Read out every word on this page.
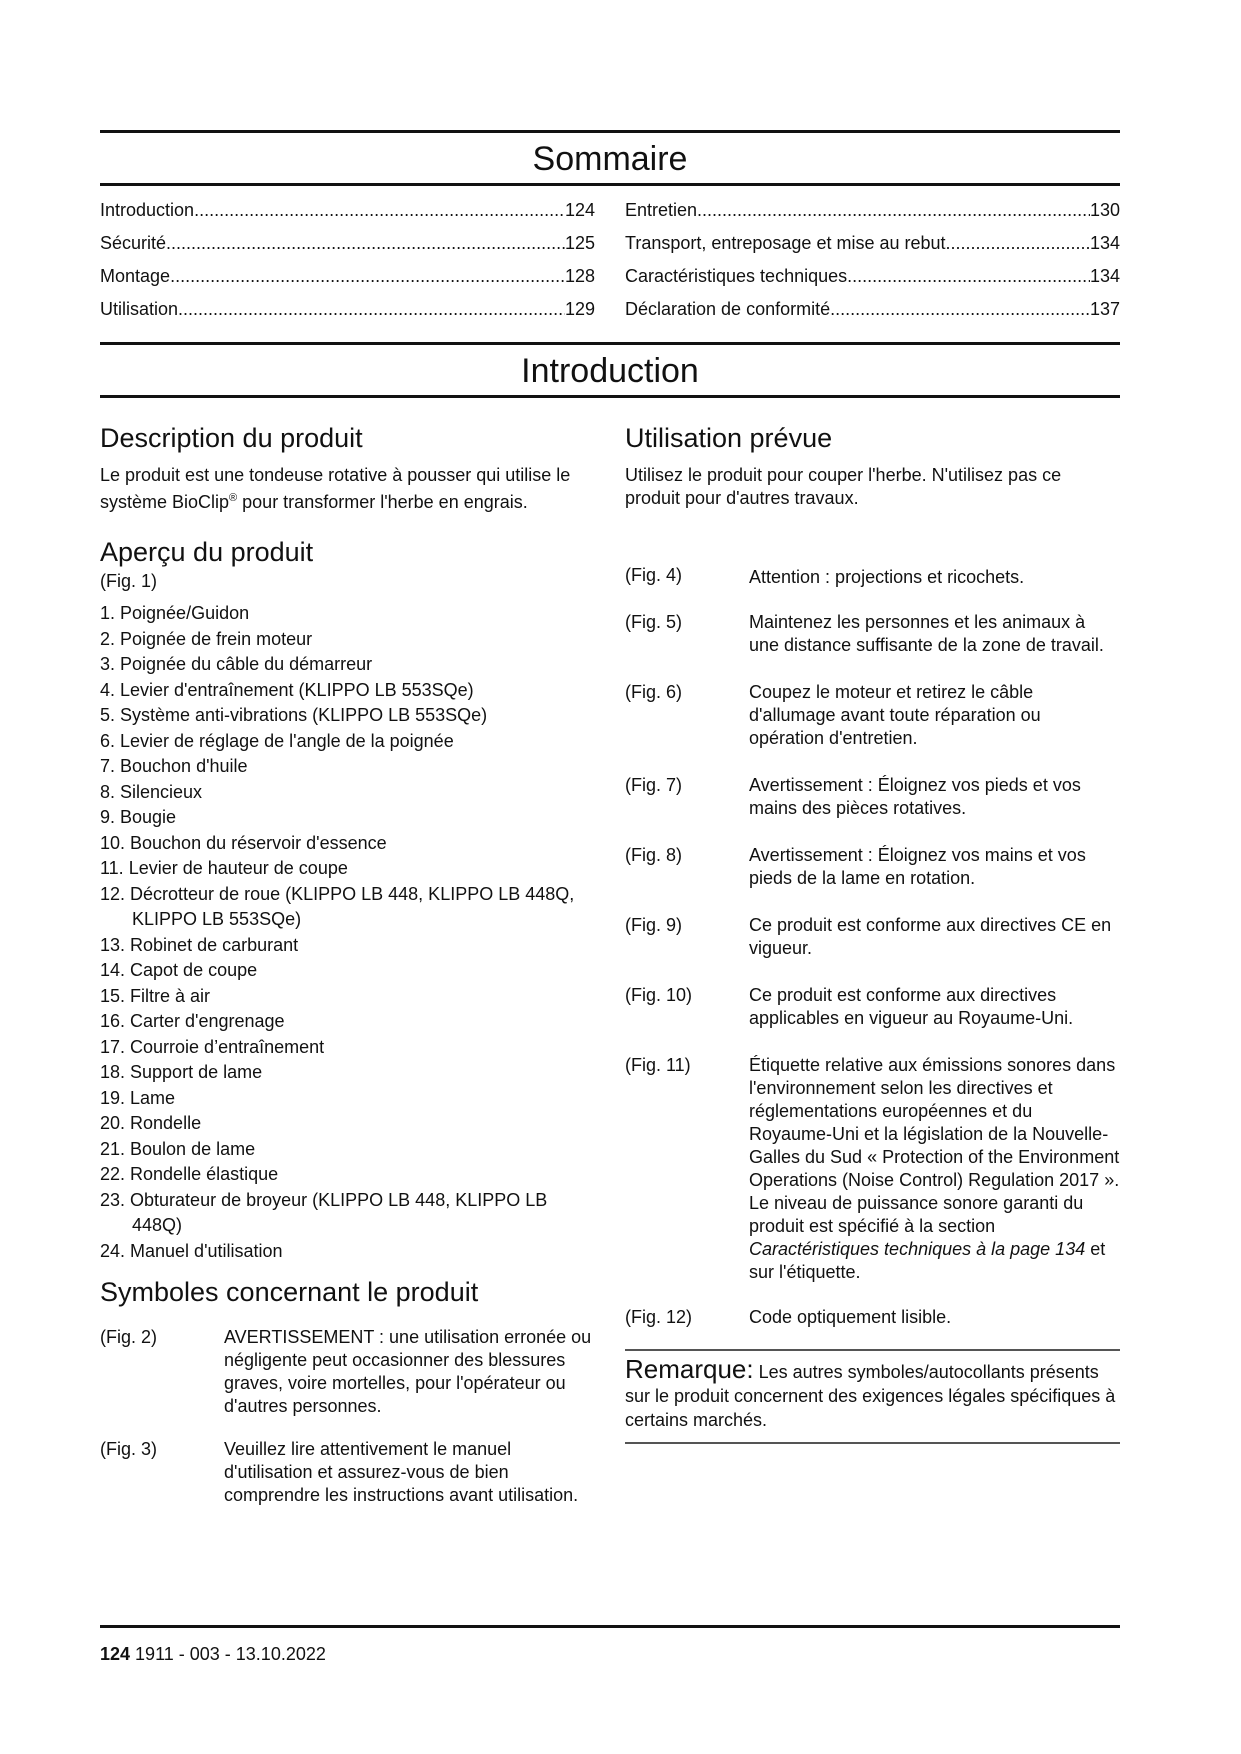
Sommaire
Introduction .....	124
Sécurité .....	125
Montage .....	128
Utilisation .....	129
Entretien .....	130
Transport, entreposage et mise au rebut .....	134
Caractéristiques techniques .....	134
Déclaration de conformité .....	137
Introduction
Description du produit

Le produit est une tondeuse rotative à pousser qui utilise le système BioClip® pour transformer l'herbe en engrais.

Aperçu du produit
(Fig. 1)
1. Poignée/Guidon
2. Poignée de frein moteur
3. Poignée du câble du démarreur
4. Levier d'entraînement (KLIPPO LB 553SQe)
5. Système anti-vibrations (KLIPPO LB 553SQe)
6. Levier de réglage de l'angle de la poignée
7. Bouchon d'huile
8. Silencieux
9. Bougie
10. Bouchon du réservoir d'essence
11. Levier de hauteur de coupe
12. Décrotteur de roue (KLIPPO LB 448, KLIPPO LB 448Q, KLIPPO LB 553SQe)
13. Robinet de carburant
14. Capot de coupe
15. Filtre à air
16. Carter d'engrenage
17. Courroie d’entraînement
18. Support de lame
19. Lame
20. Rondelle
21. Boulon de lame
22. Rondelle élastique
23. Obturateur de broyeur (KLIPPO LB 448, KLIPPO LB 448Q)
24. Manuel d'utilisation
Symboles concernant le produit
(Fig. 2)	AVERTISSEMENT : une utilisation erronée ou négligente peut occasionner des blessures graves, voire mortelles, pour l'opérateur ou d'autres personnes.
(Fig. 3)	Veuillez lire attentivement le manuel d'utilisation et assurez-vous de bien comprendre les instructions avant utilisation.
Utilisation prévue

Utilisez le produit pour couper l'herbe. N'utilisez pas ce produit pour d'autres travaux.

(Fig. 4)	Attention : projections et ricochets.
(Fig. 5)	Maintenez les personnes et les animaux à une distance suffisante de la zone de travail.
(Fig. 6)	Coupez le moteur et retirez le câble d'allumage avant toute réparation ou opération d'entretien.
(Fig. 7)	Avertissement : Éloignez vos pieds et vos mains des pièces rotatives.
(Fig. 8)	Avertissement : Éloignez vos mains et vos pieds de la lame en rotation.
(Fig. 9)	Ce produit est conforme aux directives CE en vigueur.
(Fig. 10)	Ce produit est conforme aux directives applicables en vigueur au Royaume-Uni.
(Fig. 11)	Étiquette relative aux émissions sonores dans l'environnement selon les directives et réglementations européennes et du Royaume-Uni et la législation de la Nouvelle-Galles du Sud « Protection of the Environment Operations (Noise Control) Regulation 2017 ». Le niveau de puissance sonore garanti du produit est spécifié à la section Caractéristiques techniques à la page 134 et sur l'étiquette.
(Fig. 12)	Code optiquement lisible.
Remarque: Les autres symboles/autocollants présents sur le produit concernent des exigences légales spécifiques à certains marchés.
124 1911 - 003 - 13.10.2022
